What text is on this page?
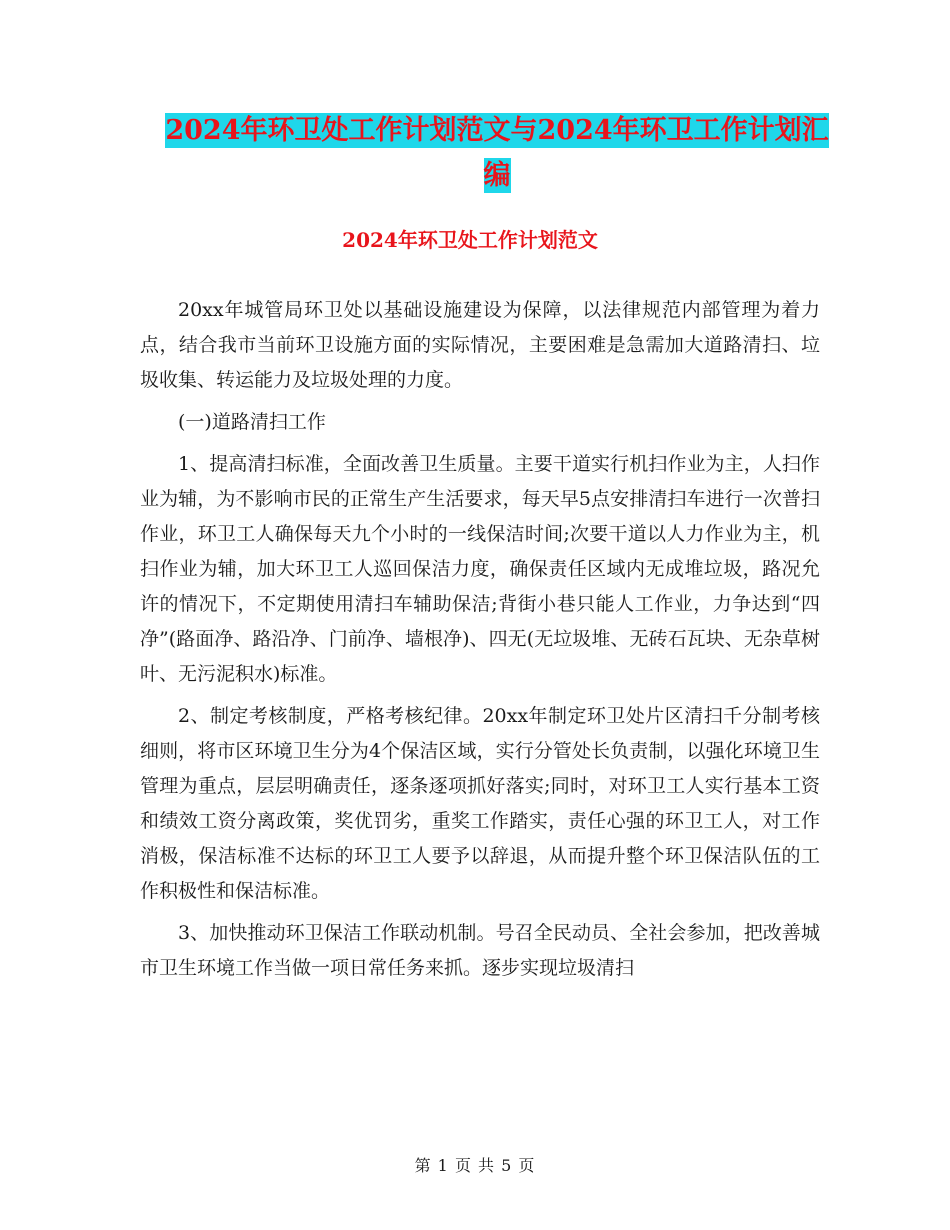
2024年环卫处工作计划范文与2024年环卫工作计划汇
编
2024年环卫处工作计划范文

20xx年城管局环卫处以基础设施建设为保障，以法律规范内部管理为着力点，结合我市当前环卫设施方面的实际情况，主要困难是急需加大道路清扫、垃圾收集、转运能力及垃圾处理的力度。

(一)道路清扫工作

1、提高清扫标准，全面改善卫生质量。主要干道实行机扫作业为主，人扫作业为辅，为不影响市民的正常生产生活要求，每天早5点安排清扫车进行一次普扫作业，环卫工人确保每天九个小时的一线保洁时间;次要干道以人力作业为主，机扫作业为辅，加大环卫工人巡回保洁力度，确保责任区域内无成堆垃圾，路况允许的情况下，不定期使用清扫车辅助保洁;背街小巷只能人工作业，力争达到“四净”(路面净、路沿净、门前净、墙根净)、四无(无垃圾堆、无砖石瓦块、无杂草树叶、无污泥积水)标准。

2、制定考核制度，严格考核纪律。20xx年制定环卫处片区清扫千分制考核细则，将市区环境卫生分为4个保洁区域，实行分管处长负责制，以强化环境卫生管理为重点，层层明确责任，逐条逐项抓好落实;同时，对环卫工人实行基本工资和绩效工资分离政策，奖优罚劣，重奖工作踏实，责任心强的环卫工人，对工作消极，保洁标准不达标的环卫工人要予以辞退，从而提升整个环卫保洁队伍的工作积极性和保洁标准。

3、加快推动环卫保洁工作联动机制。号召全民动员、全社会参加，把改善城市卫生环境工作当做一项日常任务来抓。逐步实现垃圾清扫

第 1 页 共 5 页
